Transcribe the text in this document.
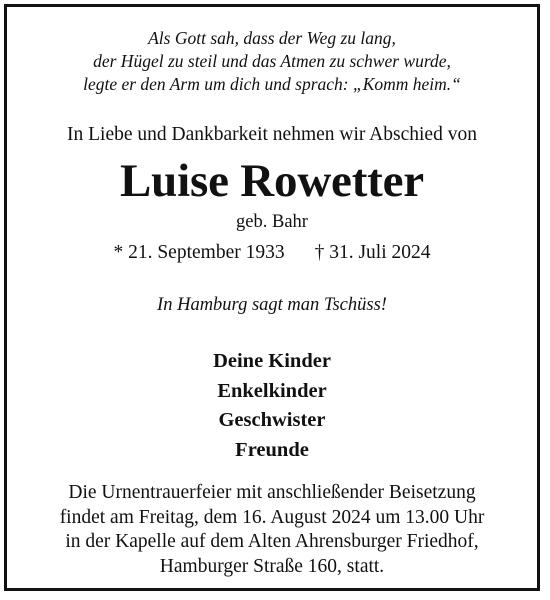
Als Gott sah, dass der Weg zu lang,
der Hügel zu steil und das Atmen zu schwer wurde,
legte er den Arm um dich und sprach: „Komm heim.“
In Liebe und Dankbarkeit nehmen wir Abschied von
Luise Rowetter
geb. Bahr
* 21. September 1933 † 31. Juli 2024
In Hamburg sagt man Tschüss!
Deine Kinder
Enkelkinder
Geschwister
Freunde
Die Urnentrauerfeier mit anschließender Beisetzung
findet am Freitag, dem 16. August 2024 um 13.00 Uhr
in der Kapelle auf dem Alten Ahrensburger Friedhof,
Hamburger Straße 160, statt.
